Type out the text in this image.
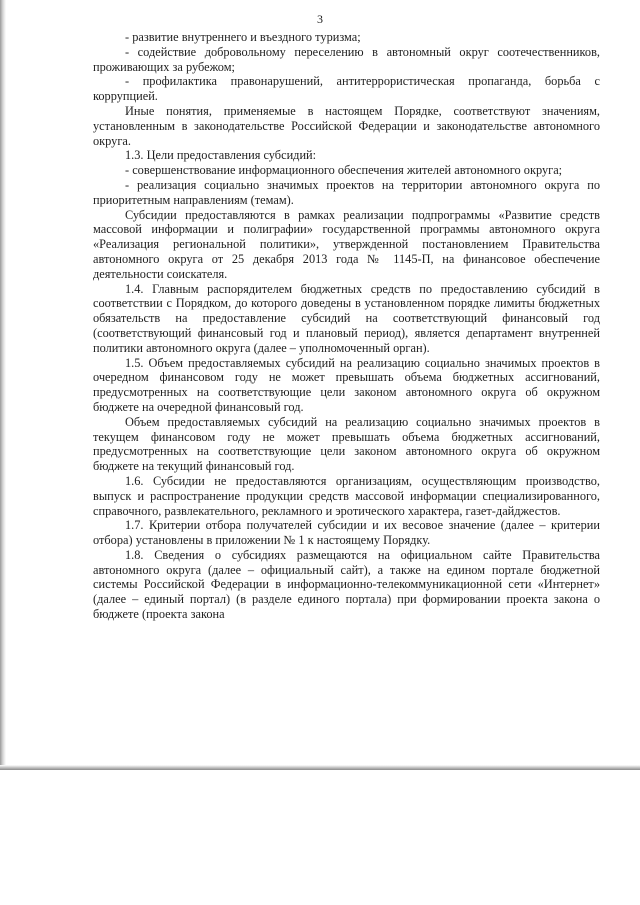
3

- развитие внутреннего и въездного туризма;

- содействие добровольному переселению в автономный округ соотечественников, проживающих за рубежом;

- профилактика правонарушений, антитеррористическая пропаганда, борьба с коррупцией.

Иные понятия, применяемые в настоящем Порядке, соответствуют значениям, установленным в законодательстве Российской Федерации и законодательстве автономного округа.

1.3. Цели предоставления субсидий:

- совершенствование информационного обеспечения жителей автономного округа;

- реализация социально значимых проектов на территории автономного округа по приоритетным направлениям (темам).

Субсидии предоставляются в рамках реализации подпрограммы «Развитие средств массовой информации и полиграфии» государственной программы автономного округа «Реализация региональной политики», утвержденной постановлением Правительства автономного округа от 25 декабря 2013 года № 1145-П, на финансовое обеспечение деятельности соискателя.

1.4. Главным распорядителем бюджетных средств по предоставлению субсидий в соответствии с Порядком, до которого доведены в установленном порядке лимиты бюджетных обязательств на предоставление субсидий на соответствующий финансовый год (соответствующий финансовый год и плановый период), является департамент внутренней политики автономного округа (далее – уполномоченный орган).

1.5. Объем предоставляемых субсидий на реализацию социально значимых проектов в очередном финансовом году не может превышать объема бюджетных ассигнований, предусмотренных на соответствующие цели законом автономного округа об окружном бюджете на очередной финансовый год.

Объем предоставляемых субсидий на реализацию социально значимых проектов в текущем финансовом году не может превышать объема бюджетных ассигнований, предусмотренных на соответствующие цели законом автономного округа об окружном бюджете на текущий финансовый год.

1.6. Субсидии не предоставляются организациям, осуществляющим производство, выпуск и распространение продукции средств массовой информации специализированного, справочного, развлекательного, рекламного и эротического характера, газет-дайджестов.

1.7. Критерии отбора получателей субсидии и их весовое значение (далее – критерии отбора) установлены в приложении № 1 к настоящему Порядку.

1.8. Сведения о субсидиях размещаются на официальном сайте Правительства автономного округа (далее – официальный сайт), а также на едином портале бюджетной системы Российской Федерации в информационно-телекоммуникационной сети «Интернет» (далее – единый портал) (в разделе единого портала) при формировании проекта закона о бюджете (проекта закона
